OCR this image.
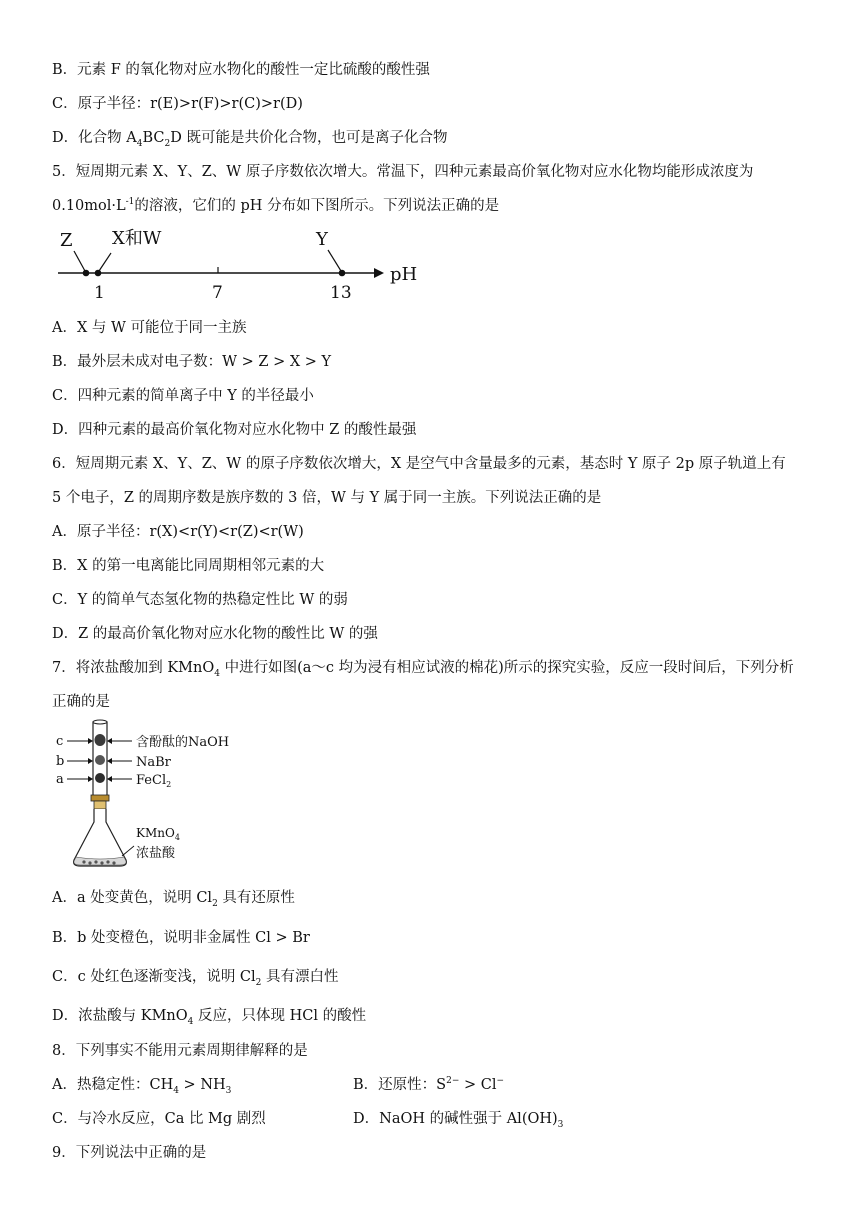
B．元素 F 的氧化物对应水物化的酸性一定比硫酸的酸性强
C．原子半径：r(E)>r(F)>r(C)>r(D)
D．化合物 $A_4BC_2D$ 既可能是共价化合物，也可是离子化合物
5．短周期元素 X、Y、Z、W 原子序数依次增大。常温下，四种元素最高价氧化物对应水化物均能形成浓度为
$0.10mol\cdot L^{-1}$的溶液，它们的 pH 分布如下图所示。下列说法正确的是
pH
Z X和W	Y
1	7	13
A．X 与 W 可能位于同一主族
B．最外层未成对电子数：W > Z > X > Y
C．四种元素的简单离子中 Y 的半径最小
D．四种元素的最高价氧化物对应水化物中 Z 的酸性最强
6．短周期元素 X、Y、Z、W 的原子序数依次增大，X 是空气中含量最多的元素，基态时 Y 原子 2p 原子轨道上有
5 个电子，Z 的周期序数是族序数的 3 倍，W 与 Y 属于同一主族。下列说法正确的是
A．原子半径：r(X)<r(Y)<r(Z)<r(W)
B．X 的第一电离能比同周期相邻元素的大
C．Y 的简单气态氢化物的热稳定性比 W 的弱
D．Z 的最高价氧化物对应水化物的酸性比 W 的强
7．将浓盐酸加到 KMnO$_4$ 中进行如图(a～c 均为浸有相应试液的棉花)所示的探究实验，反应一段时间后，下列分析
正确的是
c
b
a
含酚酞的NaOH
NaBr
FeCl$_2$
KMnO$_4$
浓盐酸
A．a 处变黄色，说明 $Cl_2$ 具有还原性
B．b 处变橙色，说明非金属性 Cl > Br
C．c 处红色逐渐变浅，说明 $Cl_2$ 具有漂白性
D．浓盐酸与 KMnO$_4$ 反应，只体现 HCl 的酸性
8．下列事实不能用元素周期律解释的是
A．热稳定性：$CH_4 > NH_3$	B．还原性：$S^{2-} > Cl^-$
C．与冷水反应，Ca 比 Mg 剧烈	D．NaOH 的碱性强于 $Al(OH)_3$
9．下列说法中正确的是
